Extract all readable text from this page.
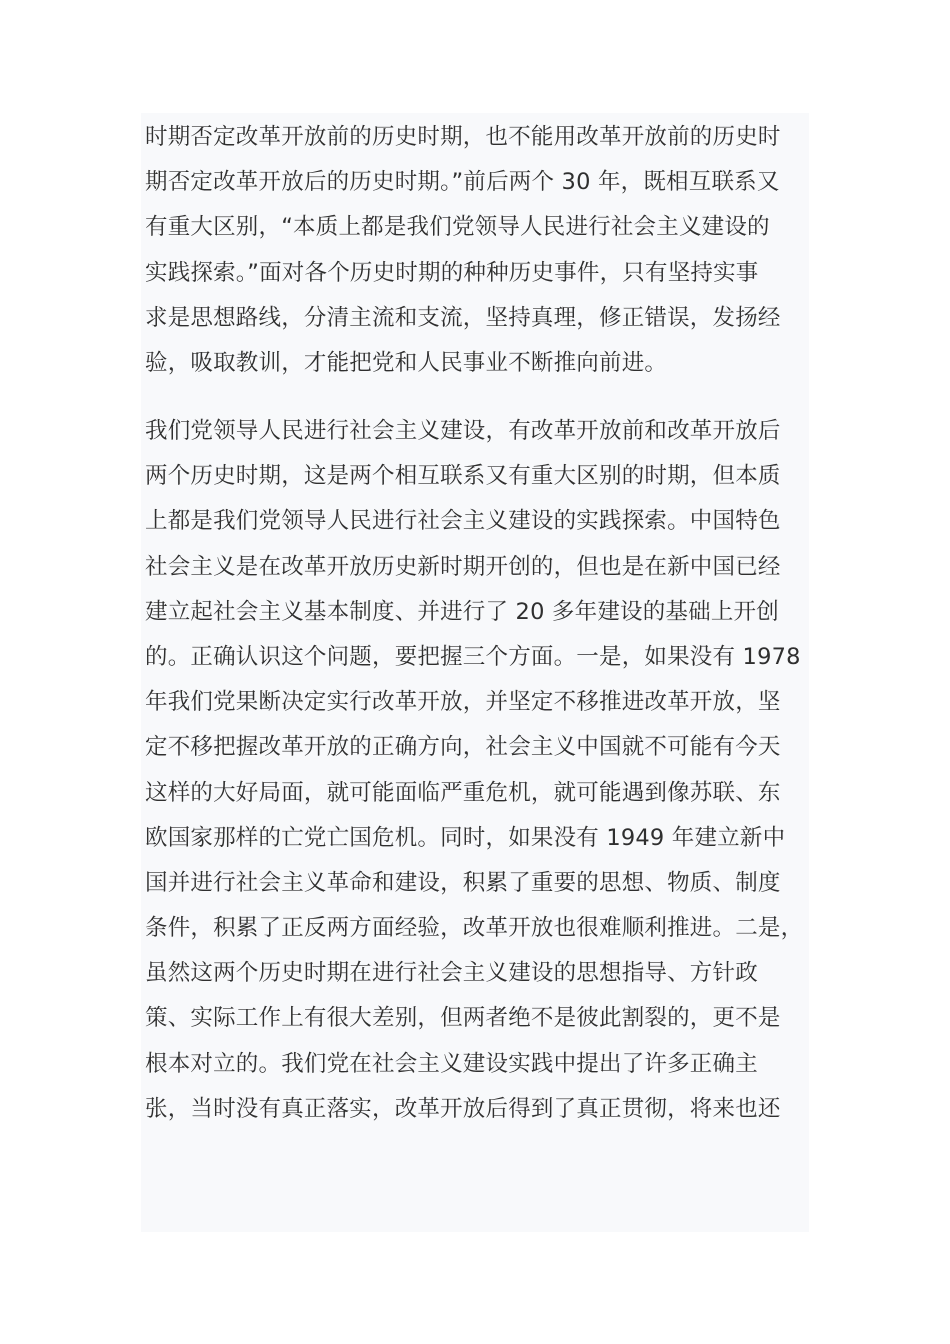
时期否定改革开放前的历史时期，也不能用改革开放前的历史时
期否定改革开放后的历史时期。”前后两个 30 年，既相互联系又
有重大区别，“本质上都是我们党领导人民进行社会主义建设的
实践探索。”面对各个历史时期的种种历史事件，只有坚持实事
求是思想路线，分清主流和支流，坚持真理，修正错误，发扬经
验，吸取教训，才能把党和人民事业不断推向前进。
我们党领导人民进行社会主义建设，有改革开放前和改革开放后
两个历史时期，这是两个相互联系又有重大区别的时期，但本质
上都是我们党领导人民进行社会主义建设的实践探索。中国特色
社会主义是在改革开放历史新时期开创的，但也是在新中国已经
建立起社会主义基本制度、并进行了 20 多年建设的基础上开创
的。正确认识这个问题，要把握三个方面。一是，如果没有 1978
年我们党果断决定实行改革开放，并坚定不移推进改革开放，坚
定不移把握改革开放的正确方向，社会主义中国就不可能有今天
这样的大好局面，就可能面临严重危机，就可能遇到像苏联、东
欧国家那样的亡党亡国危机。同时，如果没有 1949 年建立新中
国并进行社会主义革命和建设，积累了重要的思想、物质、制度
条件，积累了正反两方面经验，改革开放也很难顺利推进。二是，
虽然这两个历史时期在进行社会主义建设的思想指导、方针政
策、实际工作上有很大差别，但两者绝不是彼此割裂的，更不是
根本对立的。我们党在社会主义建设实践中提出了许多正确主
张，当时没有真正落实，改革开放后得到了真正贯彻，将来也还
